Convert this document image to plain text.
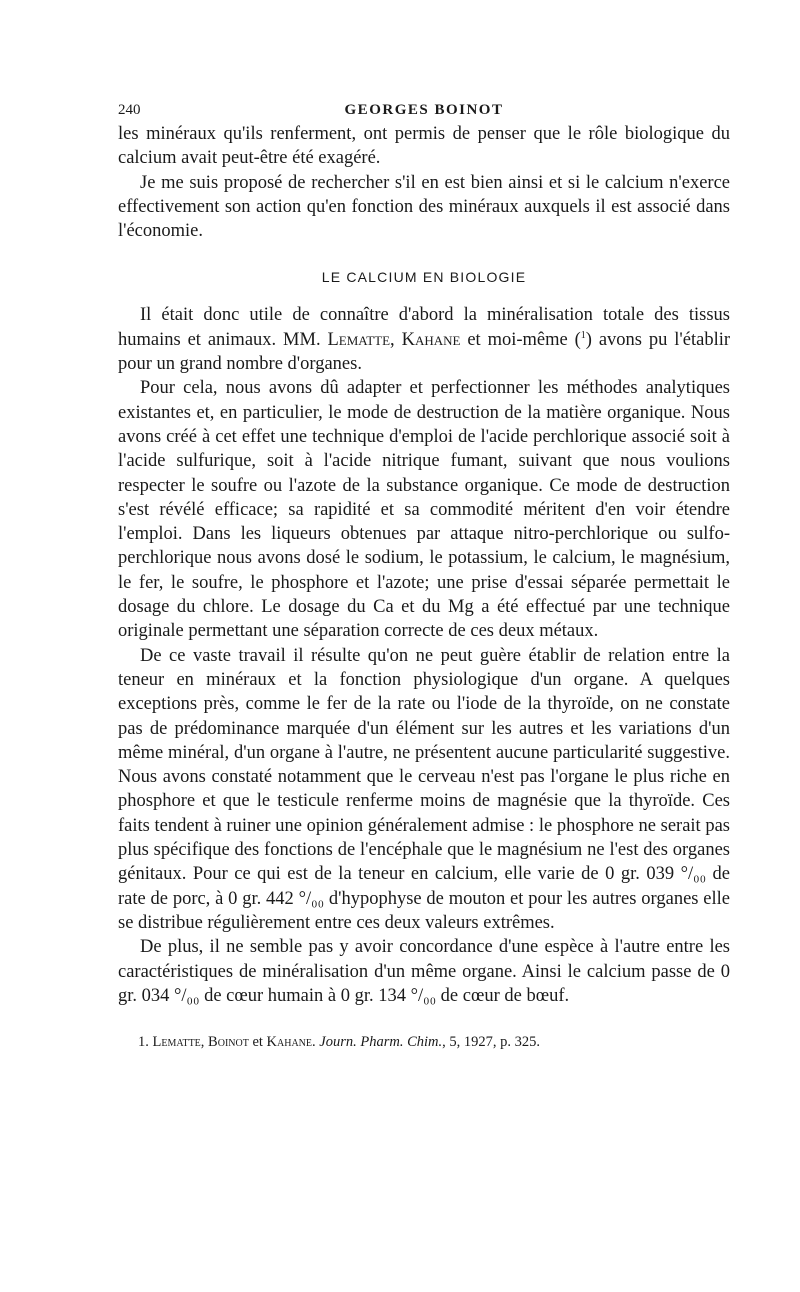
240	GEORGES BOINOT

les minéraux qu'ils renferment, ont permis de penser que le rôle biologique du calcium avait peut-être été exagéré.

Je me suis proposé de rechercher s'il en est bien ainsi et si le calcium n'exerce effectivement son action qu'en fonction des minéraux auxquels il est associé dans l'économie.

LE CALCIUM EN BIOLOGIE

Il était donc utile de connaître d'abord la minéralisation totale des tissus humains et animaux. MM. Lematte, Kahane et moi-même ($^1$) avons pu l'établir pour un grand nombre d'organes.

Pour cela, nous avons dû adapter et perfectionner les méthodes analytiques existantes et, en particulier, le mode de destruction de la matière organique. Nous avons créé à cet effet une technique d'emploi de l'acide perchlorique associé soit à l'acide sulfurique, soit à l'acide nitrique fumant, suivant que nous voulions respecter le soufre ou l'azote de la substance organique. Ce mode de destruction s'est révélé efficace; sa rapidité et sa commodité méritent d'en voir étendre l'emploi. Dans les liqueurs obtenues par attaque nitro-perchlorique ou sulfo-perchlorique nous avons dosé le sodium, le potassium, le calcium, le magnésium, le fer, le soufre, le phosphore et l'azote; une prise d'essai séparée permettait le dosage du chlore. Le dosage du Ca et du Mg a été effectué par une technique originale permettant une séparation correcte de ces deux métaux.

De ce vaste travail il résulte qu'on ne peut guère établir de relation entre la teneur en minéraux et la fonction physiologique d'un organe. A quelques exceptions près, comme le fer de la rate ou l'iode de la thyroïde, on ne constate pas de prédominance marquée d'un élément sur les autres et les variations d'un même minéral, d'un organe à l'autre, ne présentent aucune particularité suggestive. Nous avons constaté notamment que le cerveau n'est pas l'organe le plus riche en phosphore et que le testicule renferme moins de magnésie que la thyroïde. Ces faits tendent à ruiner une opinion généralement admise : le phosphore ne serait pas plus spécifique des fonctions de l'encéphale que le magnésium ne l'est des organes génitaux. Pour ce qui est de la teneur en calcium, elle varie de 0 gr. 039 °/₀₀ de rate de porc, à 0 gr. 442 °/₀₀ d'hypophyse de mouton et pour les autres organes elle se distribue régulièrement entre ces deux valeurs extrêmes.

De plus, il ne semble pas y avoir concordance d'une espèce à l'autre entre les caractéristiques de minéralisation d'un même organe. Ainsi le calcium passe de 0 gr. 034 °/₀₀ de cœur humain à 0 gr. 134 °/₀₀ de cœur de bœuf.

1. Lematte, Boinot et Kahane. Journ. Pharm. Chim., 5, 1927, p. 325.
